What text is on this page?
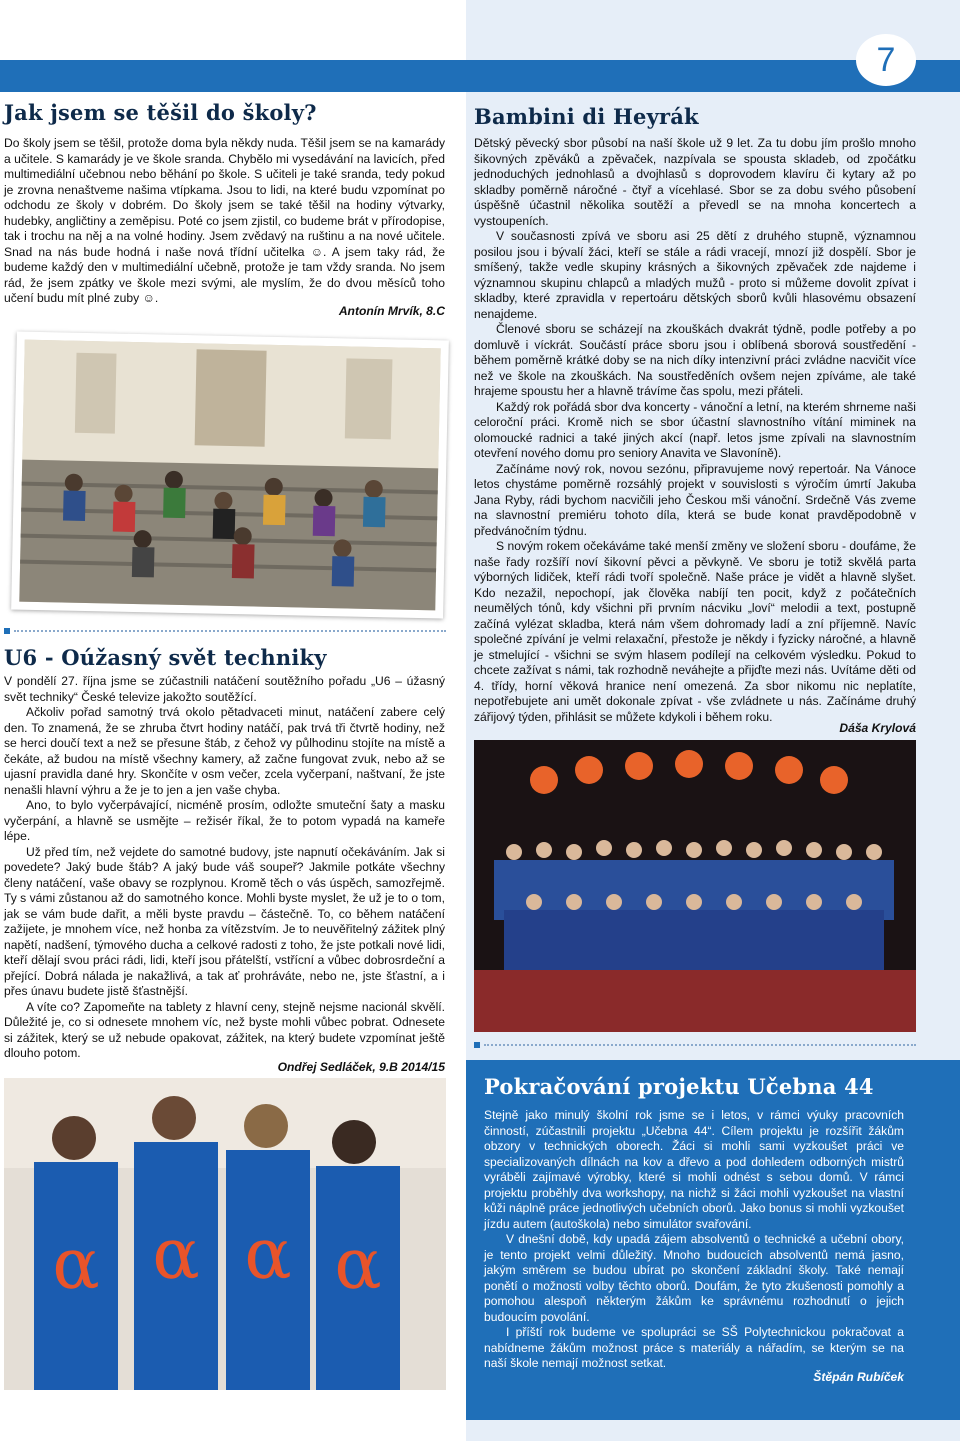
7
Jak jsem se těšil do školy?

Do školy jsem se těšil, protože doma byla někdy nuda. Těšil jsem se na kamarády a učitele. S kamarády je ve škole sranda. Chybělo mi vysedávání na lavicích, před multimediální učebnou nebo běhání po škole. S učiteli je také sranda, tedy pokud je zrovna nenaštveme našima vtípkama. Jsou to lidi, na které budu vzpomínat po odchodu ze školy v dobrém. Do školy jsem se také těšil na hodiny výtvarky, hudebky, angličtiny a zeměpisu. Poté co jsem zjistil, co budeme brát v přírodopise, tak i trochu na něj a na volné hodiny. Jsem zvědavý na ruštinu a na nové učitele. Snad na nás bude hodná i naše nová třídní učitelka ☺. A jsem taky rád, že budeme každý den v multimediální učebně, protože je tam vždy sranda. No jsem rád, že jsem zpátky ve škole mezi svými, ale myslím, že do dvou měsíců toho učení budu mít plné zuby ☺.

Antonín Mrvík, 8.C
U6 - Oúžasný svět techniky

V pondělí 27. října jsme se zúčastnili natáčení soutěžního pořadu „U6 – úžasný svět techniky“ České televize jakožto soutěžící.

Ačkoliv pořad samotný trvá okolo pětadvaceti minut, natáčení zabere celý den. To znamená, že se zhruba čtvrt hodiny natáčí, pak trvá tři čtvrtě hodiny, než se herci doučí text a než se přesune štáb, z čehož vy půlhodinu stojíte na místě a čekáte, až budou na místě všechny kamery, až začne fungovat zvuk, nebo až se ujasní pravidla dané hry. Skončíte v osm večer, zcela vyčerpaní, naštvaní, že jste nenašli hlavní výhru a že je to jen a jen vaše chyba.

Ano, to bylo vyčerpávající, nicméně prosím, odložte smuteční šaty a masku vyčerpání, a hlavně se usmějte – režisér říkal, že to potom vypadá na kameře lépe.

Už před tím, než vejdete do samotné budovy, jste napnutí očekáváním. Jak si povedete? Jaký bude štáb? A jaký bude váš soupeř? Jakmile potkáte všechny členy natáčení, vaše obavy se rozplynou. Kromě těch o vás úspěch, samozřejmě. Ty s vámi zůstanou až do samotného konce. Mohli byste myslet, že už je to o tom, jak se vám bude dařit, a měli byste pravdu – částečně. To, co během natáčení zažijete, je mnohem více, než honba za vítězstvím. Je to neuvěřitelný zážitek plný napětí, nadšení, týmového ducha a celkové radosti z toho, že jste potkali nové lidi, kteří dělají svou práci rádi, lidi, kteří jsou přátelští, vstřícní a vůbec dobrosrdeční a přející. Dobrá nálada je nakažlivá, a tak ať prohráváte, nebo ne, jste šťastní, a i přes únavu budete jistě šťastnější.

A víte co? Zapomeňte na tablety z hlavní ceny, stejně nejsme nacionál skvělí. Důležité je, co si odnesete mnohem víc, než byste mohli vůbec pobrat. Odnesete si zážitek, který se už nebude opakovat, zážitek, na který budete vzpomínat ještě dlouho potom.

Ondřej Sedláček, 9.B 2014/15
α α α α
Bambini di Heyrák

Dětský pěvecký sbor působí na naší škole už 9 let. Za tu dobu jím prošlo mnoho šikovných zpěváků a zpěvaček, nazpívala se spousta skladeb, od zpočátku jednoduchých jednohlasů a dvojhlasů s doprovodem klavíru či kytary až po skladby poměrně náročné - čtyř a vícehlasé. Sbor se za dobu svého působení úspěšně účastnil několika soutěží a převedl se na mnoha koncertech a vystoupeních.

V současnosti zpívá ve sboru asi 25 dětí z druhého stupně, významnou posilou jsou i bývalí žáci, kteří se stále a rádi vracejí, mnozí již dospělí. Sbor je smíšený, takže vedle skupiny krásných a šikovných zpěvaček zde najdeme i významnou skupinu chlapců a mladých mužů - proto si můžeme dovolit zpívat i skladby, které zpravidla v repertoáru dětských sborů kvůli hlasovému obsazení nenajdeme.

Členové sboru se scházejí na zkouškách dvakrát týdně, podle potřeby a po domluvě i víckrát. Součástí práce sboru jsou i oblíbená sborová soustředění - během poměrně krátké doby se na nich díky intenzivní práci zvládne nacvičit více než ve škole na zkouškách. Na soustředěních ovšem nejen zpíváme, ale také hrajeme spoustu her a hlavně trávíme čas spolu, mezi přáteli.

Každý rok pořádá sbor dva koncerty - vánoční a letní, na kterém shrneme naši celoroční práci. Kromě nich se sbor účastní slavnostního vítání miminek na olomoucké radnici a také jiných akcí (např. letos jsme zpívali na slavnostním otevření nového domu pro seniory Anavita ve Slavoníně).

Začínáme nový rok, novou sezónu, připravujeme nový repertoár. Na Vánoce letos chystáme poměrně rozsáhlý projekt v souvislosti s výročím úmrtí Jakuba Jana Ryby, rádi bychom nacvičili jeho Českou mši vánoční. Srdečně Vás zveme na slavnostní premiéru tohoto díla, která se bude konat pravděpodobně v předvánočním týdnu.

S novým rokem očekáváme také menší změny ve složení sboru - doufáme, že naše řady rozšíří noví šikovní pěvci a pěvkyně. Ve sboru je totiž skvělá parta výborných lidiček, kteří rádi tvoří společně. Naše práce je vidět a hlavně slyšet. Kdo nezažil, nepochopí, jak člověka nabíjí ten pocit, když z počátečních neumělých tónů, kdy všichni při prvním nácviku „loví“ melodii a text, postupně začíná vylézat skladba, která nám všem dohromady ladí a zní příjemně. Navíc společné zpívání je velmi relaxační, přestože je někdy i fyzicky náročné, a hlavně je stmelující - všichni se svým hlasem podílejí na celkovém výsledku. Pokud to chcete zažívat s námi, tak rozhodně neváhejte a přijďte mezi nás. Uvítáme děti od 4. třídy, horní věková hranice není omezená. Za sbor nikomu nic neplatíte, nepotřebujete ani umět dokonale zpívat - vše zvládnete u nás. Začínáme druhý zářijový týden, přihlásit se můžete kdykoli i během roku.

Dáša Krylová
Pokračování projektu Učebna 44

Stejně jako minulý školní rok jsme se i letos, v rámci výuky pracovních činností, zúčastnili projektu „Učebna 44“. Cílem projektu je rozšířit žákům obzory v technických oborech. Žáci si mohli sami vyzkoušet práci ve specializovaných dílnách na kov a dřevo a pod dohledem odborných mistrů vyráběli zajímavé výrobky, které si mohli odnést s sebou domů. V rámci projektu proběhly dva workshopy, na nichž si žáci mohli vyzkoušet na vlastní kůži náplně práce jednotlivých učebních oborů. Jako bonus si mohli vyzkoušet jízdu autem (autoškola) nebo simulátor svařování.

V dnešní době, kdy upadá zájem absolventů o technické a učební obory, je tento projekt velmi důležitý. Mnoho budoucích absolventů nemá jasno, jakým směrem se budou ubírat po skončení základní školy. Také nemají ponětí o možnosti volby těchto oborů. Doufám, že tyto zkušenosti pomohly a pomohou alespoň některým žákům ke správnému rozhodnutí o jejich budoucím povolání.

I příští rok budeme ve spolupráci se SŠ Polytechnickou pokračovat a nabídneme žákům možnost práce s materiály a nářadím, se kterým se na naší škole nemají možnost setkat.

Štěpán Rubíček
